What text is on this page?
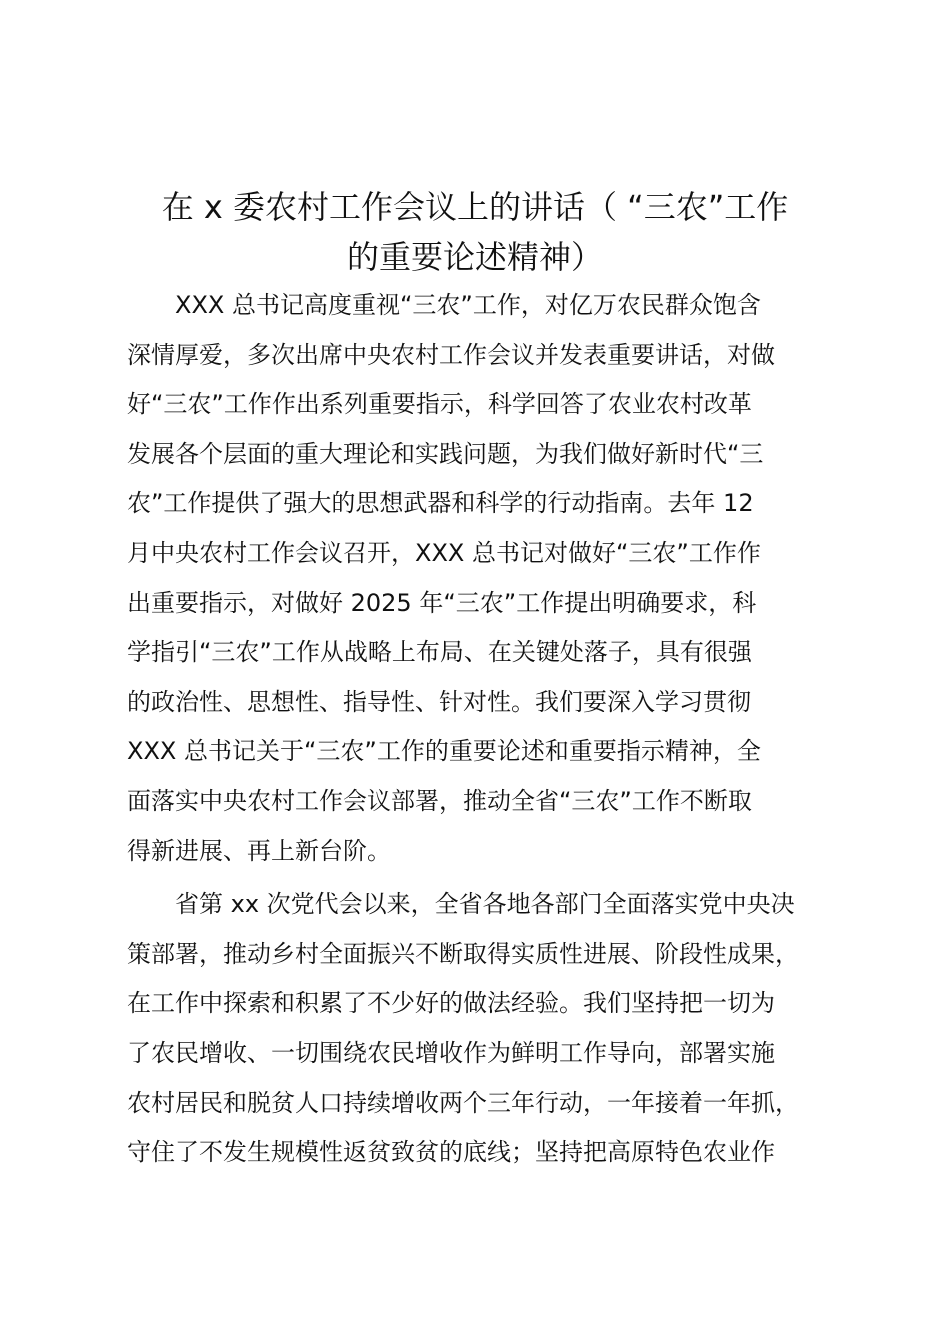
在 x 委农村工作会议上的讲话（ “三农”工作
的重要论述精神）
　　XXX 总书记高度重视“三农”工作，对亿万农民群众饱含
深情厚爱，多次出席中央农村工作会议并发表重要讲话，对做
好“三农”工作作出系列重要指示，科学回答了农业农村改革
发展各个层面的重大理论和实践问题，为我们做好新时代“三
农”工作提供了强大的思想武器和科学的行动指南。去年 12
月中央农村工作会议召开，XXX 总书记对做好“三农”工作作
出重要指示，对做好 2025 年“三农”工作提出明确要求，科
学指引“三农”工作从战略上布局、在关键处落子，具有很强
的政治性、思想性、指导性、针对性。我们要深入学习贯彻
XXX 总书记关于“三农”工作的重要论述和重要指示精神，全
面落实中央农村工作会议部署，推动全省“三农”工作不断取
得新进展、再上新台阶。
　　省第 xx 次党代会以来，全省各地各部门全面落实党中央决
策部署，推动乡村全面振兴不断取得实质性进展、阶段性成果，
在工作中探索和积累了不少好的做法经验。我们坚持把一切为
了农民增收、一切围绕农民增收作为鲜明工作导向，部署实施
农村居民和脱贫人口持续增收两个三年行动，一年接着一年抓，
守住了不发生规模性返贫致贫的底线；坚持把高原特色农业作
